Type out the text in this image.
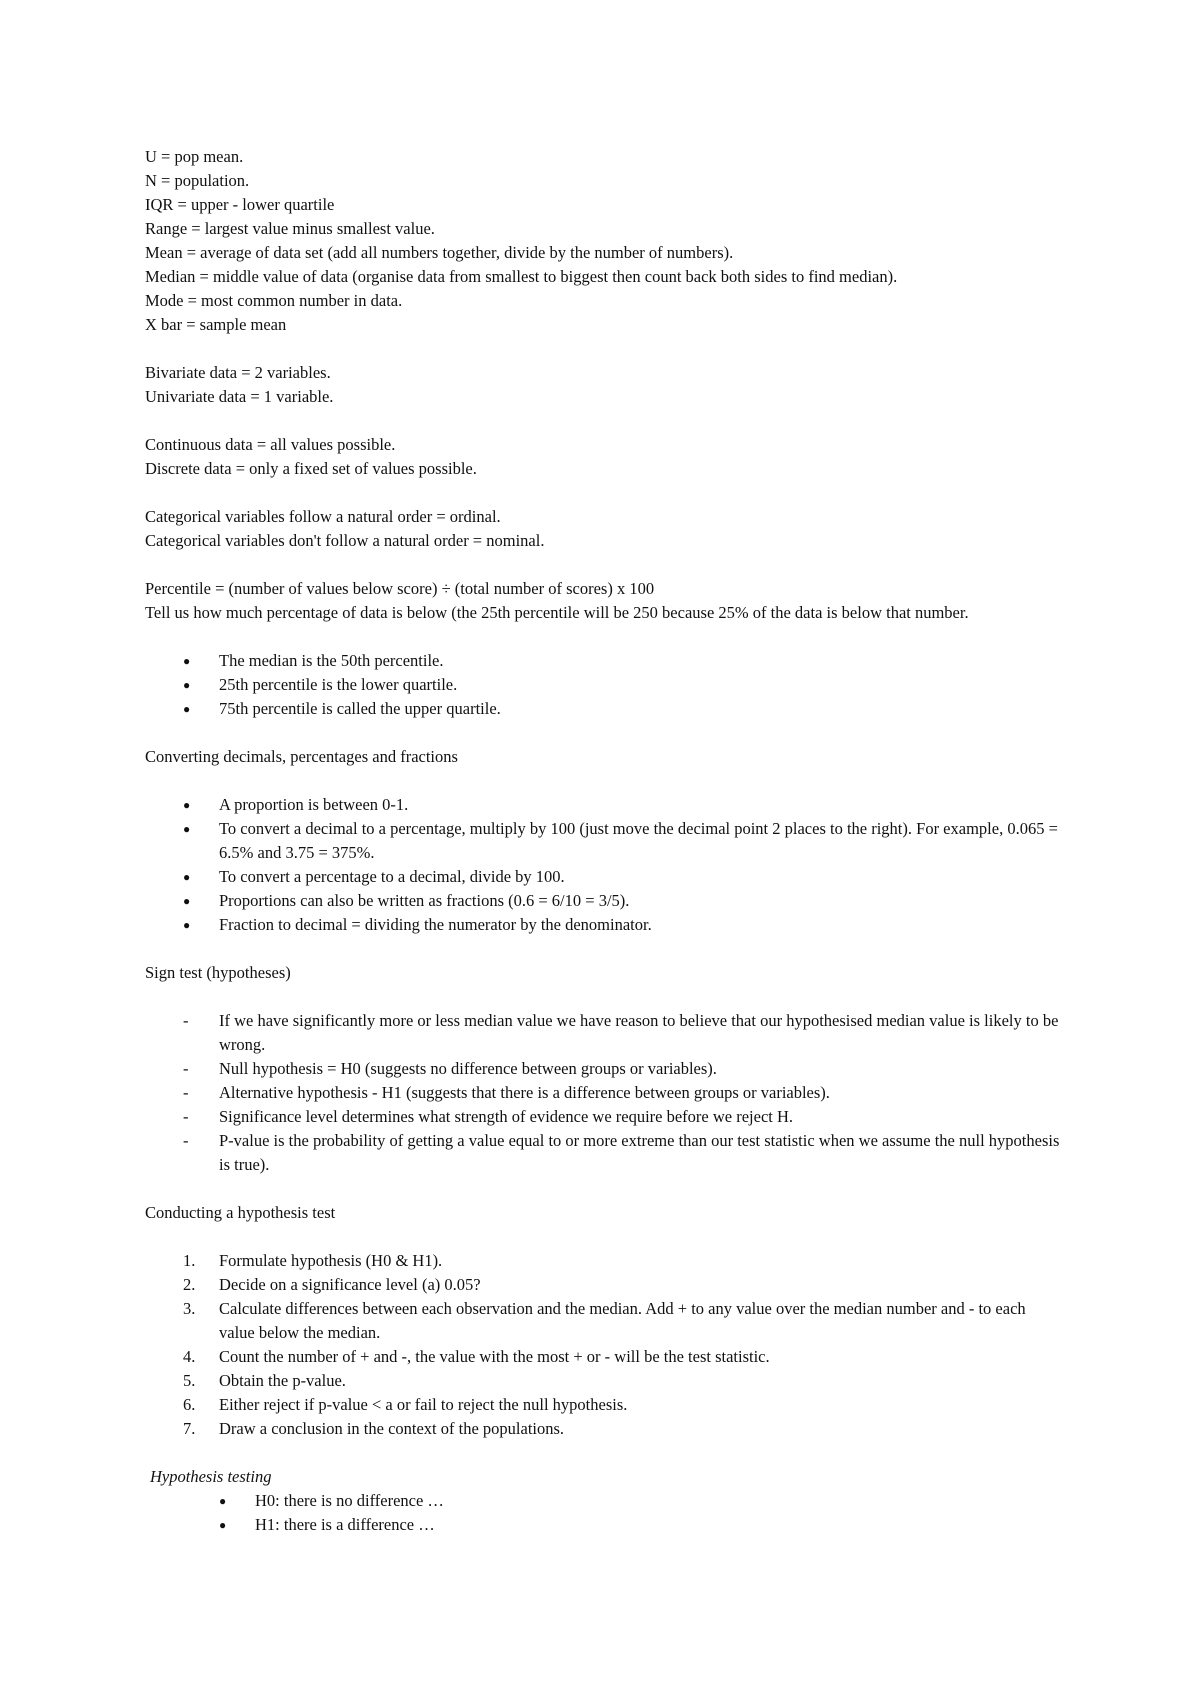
U = pop mean.

N = population.

IQR = upper - lower quartile

Range = largest value minus smallest value.

Mean = average of data set (add all numbers together, divide by the number of numbers).

Median = middle value of data (organise data from smallest to biggest then count back both sides to find median).

Mode = most common number in data.

X bar = sample mean

Bivariate data = 2 variables.

Univariate data = 1 variable.

Continuous data = all values possible.

Discrete data = only a fixed set of values possible.

Categorical variables follow a natural order = ordinal.

Categorical variables don't follow a natural order = nominal.

Percentile = (number of values below score) ÷ (total number of scores) x 100

Tell us how much percentage of data is below (the 25th percentile will be 250 because 25% of the data is below that number.

●	The median is the 50th percentile.
●	25th percentile is the lower quartile.
●	75th percentile is called the upper quartile.

Converting decimals, percentages and fractions

●	A proportion is between 0-1.
●	To convert a decimal to a percentage, multiply by 100 (just move the decimal point 2 places to the right). For example, 0.065 = 6.5% and 3.75 = 375%.
●	To convert a percentage to a decimal, divide by 100.
●	Proportions can also be written as fractions (0.6 = 6/10 = 3/5).
●	Fraction to decimal = dividing the numerator by the denominator.

Sign test (hypotheses)

-	If we have significantly more or less median value we have reason to believe that our hypothesised median value is likely to be wrong.
-	Null hypothesis = H0 (suggests no difference between groups or variables).
-	Alternative hypothesis - H1 (suggests that there is a difference between groups or variables).
-	Significance level determines what strength of evidence we require before we reject H.
-	P-value is the probability of getting a value equal to or more extreme than our test statistic when we assume the null hypothesis is true).

Conducting a hypothesis test

1.	Formulate hypothesis (H0 & H1).
2.	Decide on a significance level (a) 0.05?
3.	Calculate differences between each observation and the median. Add + to any value over the median number and - to each value below the median.
4.	Count the number of + and -, the value with the most + or - will be the test statistic.
5.	Obtain the p-value.
6.	Either reject if p-value < a or fail to reject the null hypothesis.
7.	Draw a conclusion in the context of the populations.

Hypothesis testing

●	H0: there is no difference …
●	H1: there is a difference …
